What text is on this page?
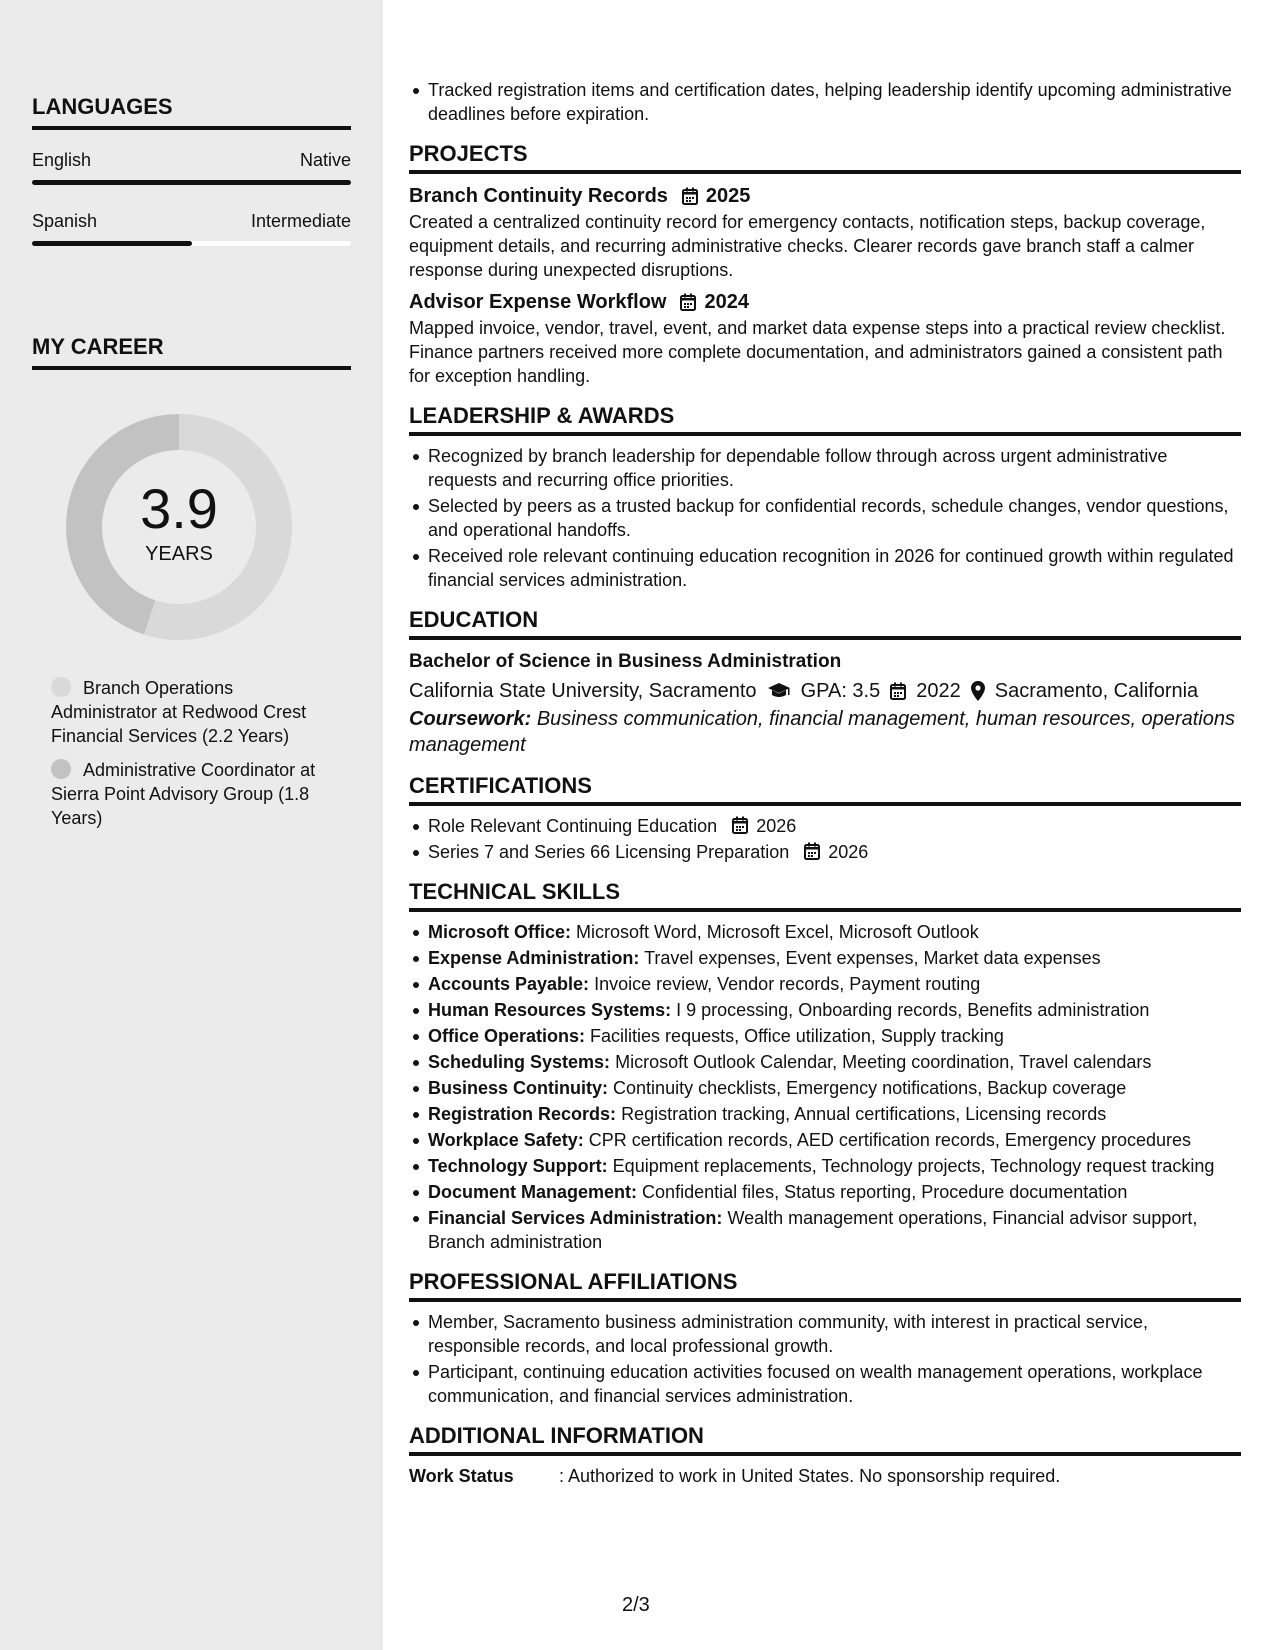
LANGUAGES
English	Native
Spanish	Intermediate
MY CAREER
3.9
YEARS
Branch Operations Administrator at Redwood Crest Financial Services (2.2 Years)
Administrative Coordinator at Sierra Point Advisory Group (1.8 Years)
Tracked registration items and certification dates, helping leadership identify upcoming administrative deadlines before expiration.
PROJECTS
Branch Continuity Records 2025
Created a centralized continuity record for emergency contacts, notification steps, backup coverage, equipment details, and recurring administrative checks. Clearer records gave branch staff a calmer response during unexpected disruptions.
Advisor Expense Workflow 2024
Mapped invoice, vendor, travel, event, and market data expense steps into a practical review checklist. Finance partners received more complete documentation, and administrators gained a consistent path for exception handling.
LEADERSHIP & AWARDS
Recognized by branch leadership for dependable follow through across urgent administrative requests and recurring office priorities.
Selected by peers as a trusted backup for confidential records, schedule changes, vendor questions, and operational handoffs.
Received role relevant continuing education recognition in 2026 for continued growth within regulated financial services administration.
EDUCATION
Bachelor of Science in Business Administration
California State University, Sacramento GPA: 3.5 2022 Sacramento, California
Coursework: Business communication, financial management, human resources, operations management
CERTIFICATIONS
Role Relevant Continuing Education 2026
Series 7 and Series 66 Licensing Preparation 2026
TECHNICAL SKILLS
Microsoft Office: Microsoft Word, Microsoft Excel, Microsoft Outlook
Expense Administration: Travel expenses, Event expenses, Market data expenses
Accounts Payable: Invoice review, Vendor records, Payment routing
Human Resources Systems: I 9 processing, Onboarding records, Benefits administration
Office Operations: Facilities requests, Office utilization, Supply tracking
Scheduling Systems: Microsoft Outlook Calendar, Meeting coordination, Travel calendars
Business Continuity: Continuity checklists, Emergency notifications, Backup coverage
Registration Records: Registration tracking, Annual certifications, Licensing records
Workplace Safety: CPR certification records, AED certification records, Emergency procedures
Technology Support: Equipment replacements, Technology projects, Technology request tracking
Document Management: Confidential files, Status reporting, Procedure documentation
Financial Services Administration: Wealth management operations, Financial advisor support, Branch administration
PROFESSIONAL AFFILIATIONS
Member, Sacramento business administration community, with interest in practical service, responsible records, and local professional growth.
Participant, continuing education activities focused on wealth management operations, workplace communication, and financial services administration.
ADDITIONAL INFORMATION
Work Status	: Authorized to work in United States. No sponsorship required.
2/3
